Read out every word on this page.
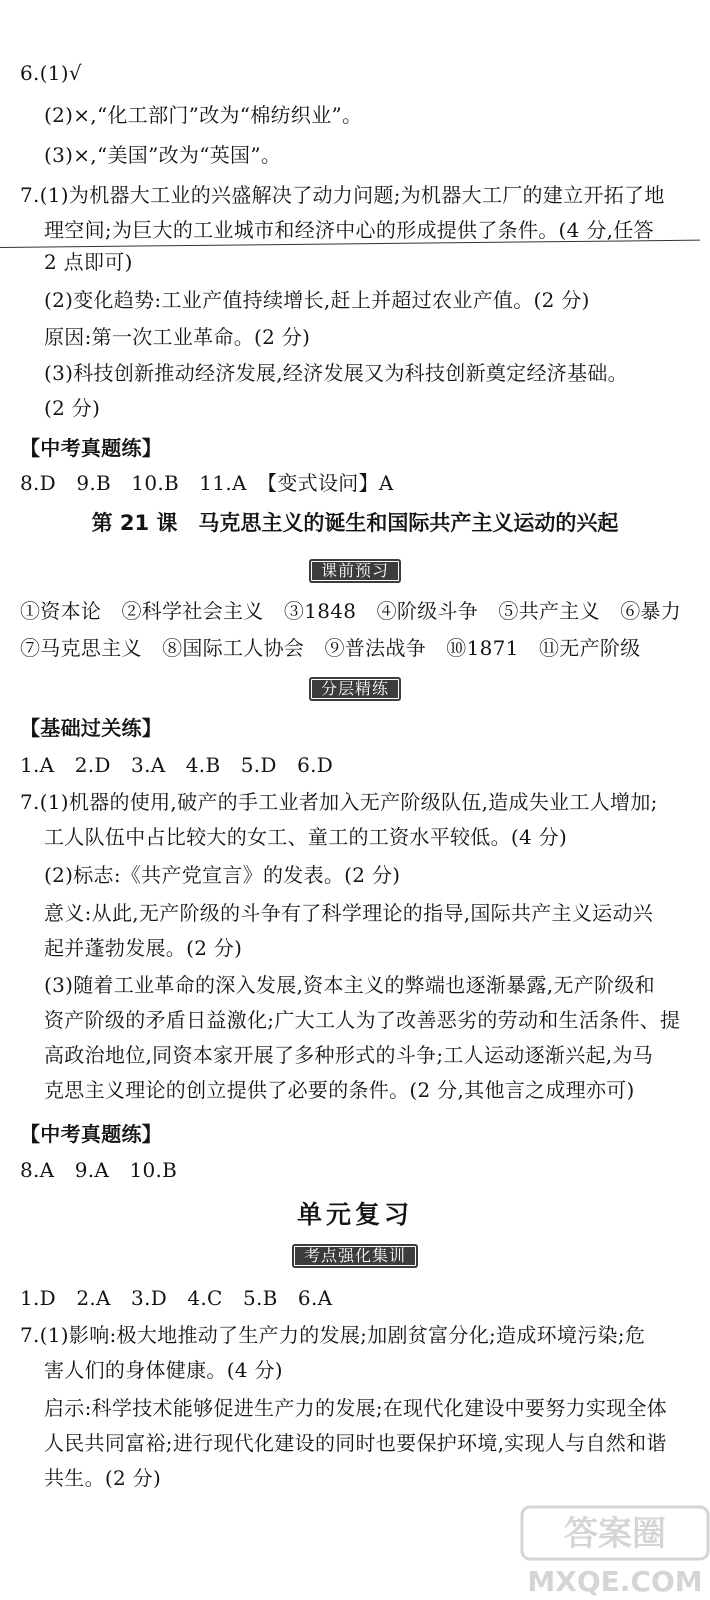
6.(1)√
(2)×,“化工部门”改为“棉纺织业”。
(3)×,“美国”改为“英国”。
7.(1)为机器大工业的兴盛解决了动力问题;为机器大工厂的建立开拓了地
理空间;为巨大的工业城市和经济中心的形成提供了条件。(4 分,任答
2 点即可)
(2)变化趋势:工业产值持续增长,赶上并超过农业产值。(2 分)
原因:第一次工业革命。(2 分)
(3)科技创新推动经济发展,经济发展又为科技创新奠定经济基础。
(2 分)
【中考真题练】
8.D　9.B　10.B　11.A　【变式设问】A
第 21 课　马克思主义的诞生和国际共产主义运动的兴起
课前预习
①资本论　②科学社会主义　③1848　④阶级斗争　⑤共产主义　⑥暴力
⑦马克思主义　⑧国际工人协会　⑨普法战争　⑩1871　⑪无产阶级
分层精练
【基础过关练】
1.A　2.D　3.A　4.B　5.D　6.D
7.(1)机器的使用,破产的手工业者加入无产阶级队伍,造成失业工人增加;
工人队伍中占比较大的女工、童工的工资水平较低。(4 分)
(2)标志:《共产党宣言》的发表。(2 分)
意义:从此,无产阶级的斗争有了科学理论的指导,国际共产主义运动兴
起并蓬勃发展。(2 分)
(3)随着工业革命的深入发展,资本主义的弊端也逐渐暴露,无产阶级和
资产阶级的矛盾日益激化;广大工人为了改善恶劣的劳动和生活条件、提
高政治地位,同资本家开展了多种形式的斗争;工人运动逐渐兴起,为马
克思主义理论的创立提供了必要的条件。(2 分,其他言之成理亦可)
【中考真题练】
8.A　9.A　10.B
单元复习
考点强化集训
1.D　2.A　3.D　4.C　5.B　6.A
7.(1)影响:极大地推动了生产力的发展;加剧贫富分化;造成环境污染;危
害人们的身体健康。(4 分)
启示:科学技术能够促进生产力的发展;在现代化建设中要努力实现全体
人民共同富裕;进行现代化建设的同时也要保护环境,实现人与自然和谐
共生。(2 分)
答案圈
MXQE.COM
